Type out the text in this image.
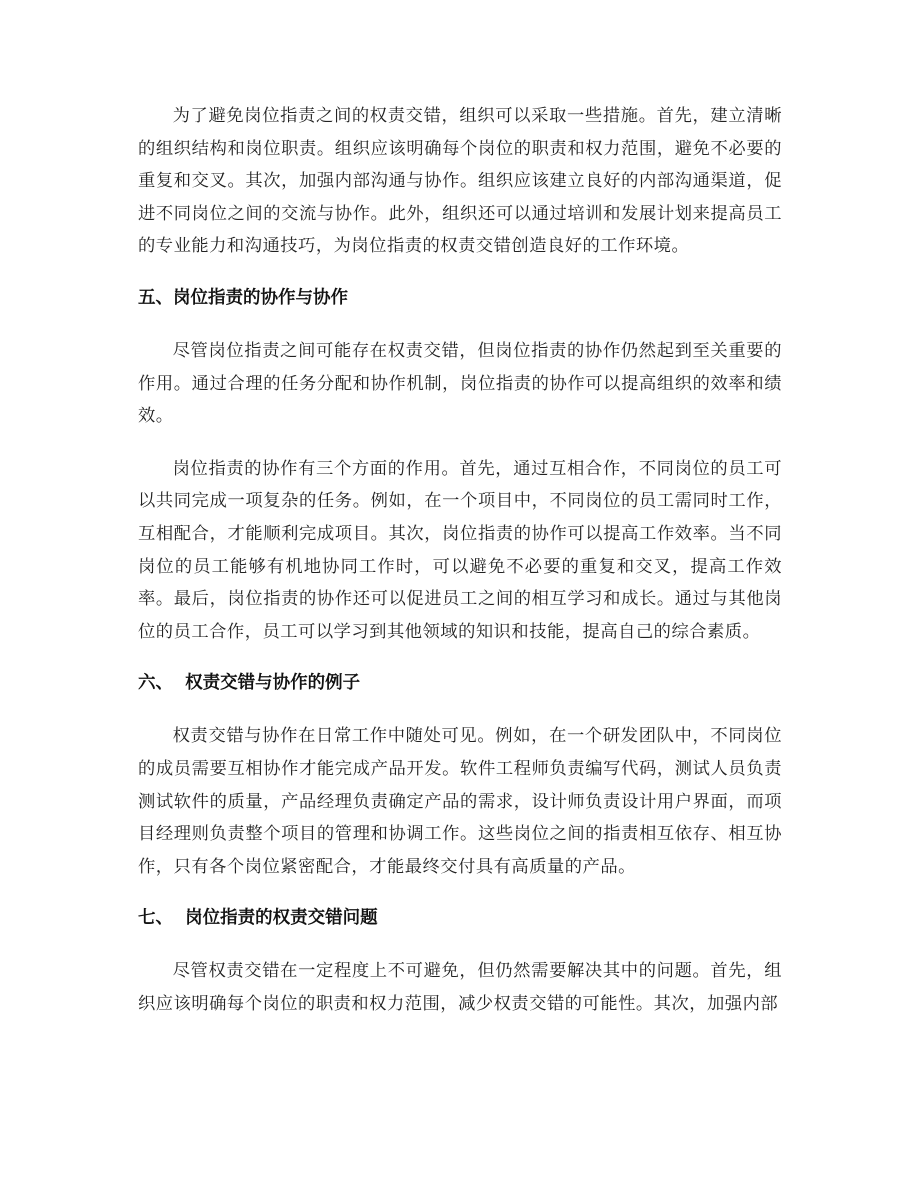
为了避免岗位指责之间的权责交错，组织可以采取一些措施。首先，建立清晰的组织结构和岗位职责。组织应该明确每个岗位的职责和权力范围，避免不必要的重复和交叉。其次，加强内部沟通与协作。组织应该建立良好的内部沟通渠道，促进不同岗位之间的交流与协作。此外，组织还可以通过培训和发展计划来提高员工的专业能力和沟通技巧，为岗位指责的权责交错创造良好的工作环境。

五、岗位指责的协作与协作

尽管岗位指责之间可能存在权责交错，但岗位指责的协作仍然起到至关重要的作用。通过合理的任务分配和协作机制，岗位指责的协作可以提高组织的效率和绩效。

岗位指责的协作有三个方面的作用。首先，通过互相合作，不同岗位的员工可以共同完成一项复杂的任务。例如，在一个项目中，不同岗位的员工需同时工作，互相配合，才能顺利完成项目。其次，岗位指责的协作可以提高工作效率。当不同岗位的员工能够有机地协同工作时，可以避免不必要的重复和交叉，提高工作效率。最后，岗位指责的协作还可以促进员工之间的相互学习和成长。通过与其他岗位的员工合作，员工可以学习到其他领域的知识和技能，提高自己的综合素质。

六、  权责交错与协作的例子

权责交错与协作在日常工作中随处可见。例如，在一个研发团队中，不同岗位的成员需要互相协作才能完成产品开发。软件工程师负责编写代码，测试人员负责测试软件的质量，产品经理负责确定产品的需求，设计师负责设计用户界面，而项目经理则负责整个项目的管理和协调工作。这些岗位之间的指责相互依存、相互协作，只有各个岗位紧密配合，才能最终交付具有高质量的产品。

七、  岗位指责的权责交错问题

尽管权责交错在一定程度上不可避免，但仍然需要解决其中的问题。首先，组织应该明确每个岗位的职责和权力范围，减少权责交错的可能性。其次，加强内部
